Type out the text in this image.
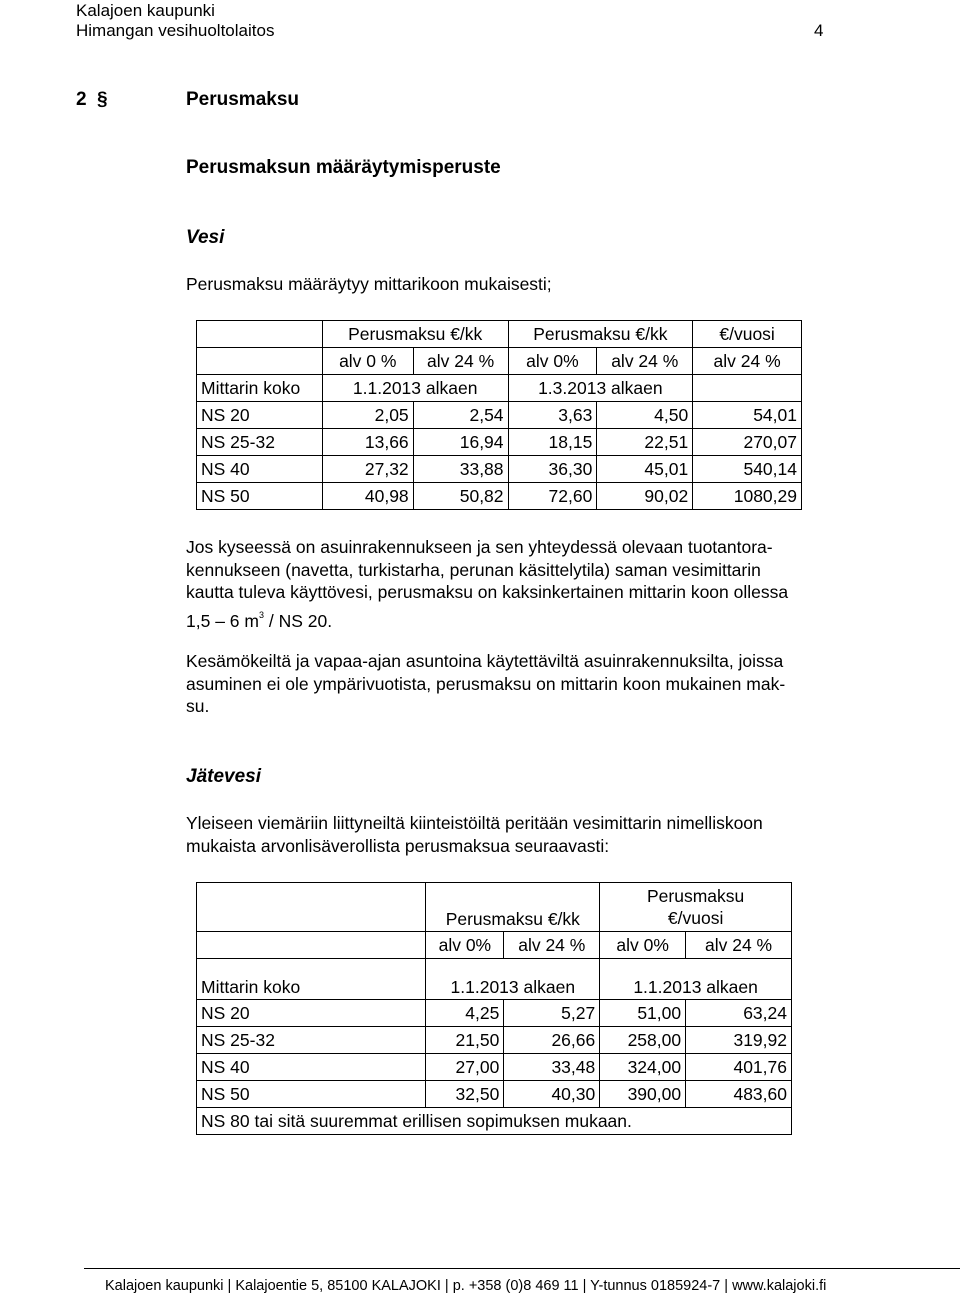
Kalajoen kaupunki
Himangan vesihuoltolaitos	4
2 §	Perusmaksu
Perusmaksun määräytymisperuste
Vesi
Perusmaksu määräytyy mittarikoon mukaisesti;
	Perusmaksu €/kk		Perusmaksu €/kk		€/vuosi
	alv 0 %	alv 24 %	alv 0%	alv 24 %	alv 24 %
Mittarin koko	1.1.2013 alkaen		1.3.2013 alkaen		
NS 20	2,05	2,54	3,63	4,50	54,01
NS 25-32	13,66	16,94	18,15	22,51	270,07
NS 40	27,32	33,88	36,30	45,01	540,14
NS 50	40,98	50,82	72,60	90,02	1080,29
Jos kyseessä on asuinrakennukseen ja sen yhteydessä olevaan tuotantora-
kennukseen (navetta, turkistarha, perunan käsittelytila) saman vesimittarin
kautta tuleva käyttövesi, perusmaksu on kaksinkertainen mittarin koon ollessa
1,5 – 6 $m^3$ / NS 20.
Kesämökeiltä ja vapaa-ajan asuntoina käytettäviltä asuinrakennuksilta, joissa
asuminen ei ole ympärivuotista, perusmaksu on mittarin koon mukainen mak-
su.
Jätevesi
Yleiseen viemäriin liittyneiltä kiinteistöiltä peritään vesimittarin nimelliskoon
mukaista arvonlisäverollista perusmaksua seuraavasti:
	Perusmaksu €/kk		Perusmaksu
€/vuosi	

	alv 0%	alv 24 %	alv 0%	alv 24 %
Mittarin koko	1.1.2013 alkaen		1.1.2013 alkaen	
NS 20	4,25	5,27	51,00	63,24
NS 25-32	21,50	26,66	258,00	319,92
NS 40	27,00	33,48	324,00	401,76
NS 50	32,50	40,30	390,00	483,60
NS 80 tai sitä suuremmat erillisen sopimuksen mukaan.				
Kalajoen kaupunki | Kalajoentie 5, 85100 KALAJOKI | p. +358 (0)8 469 11 | Y-tunnus 0185924-7 | www.kalajoki.fi
